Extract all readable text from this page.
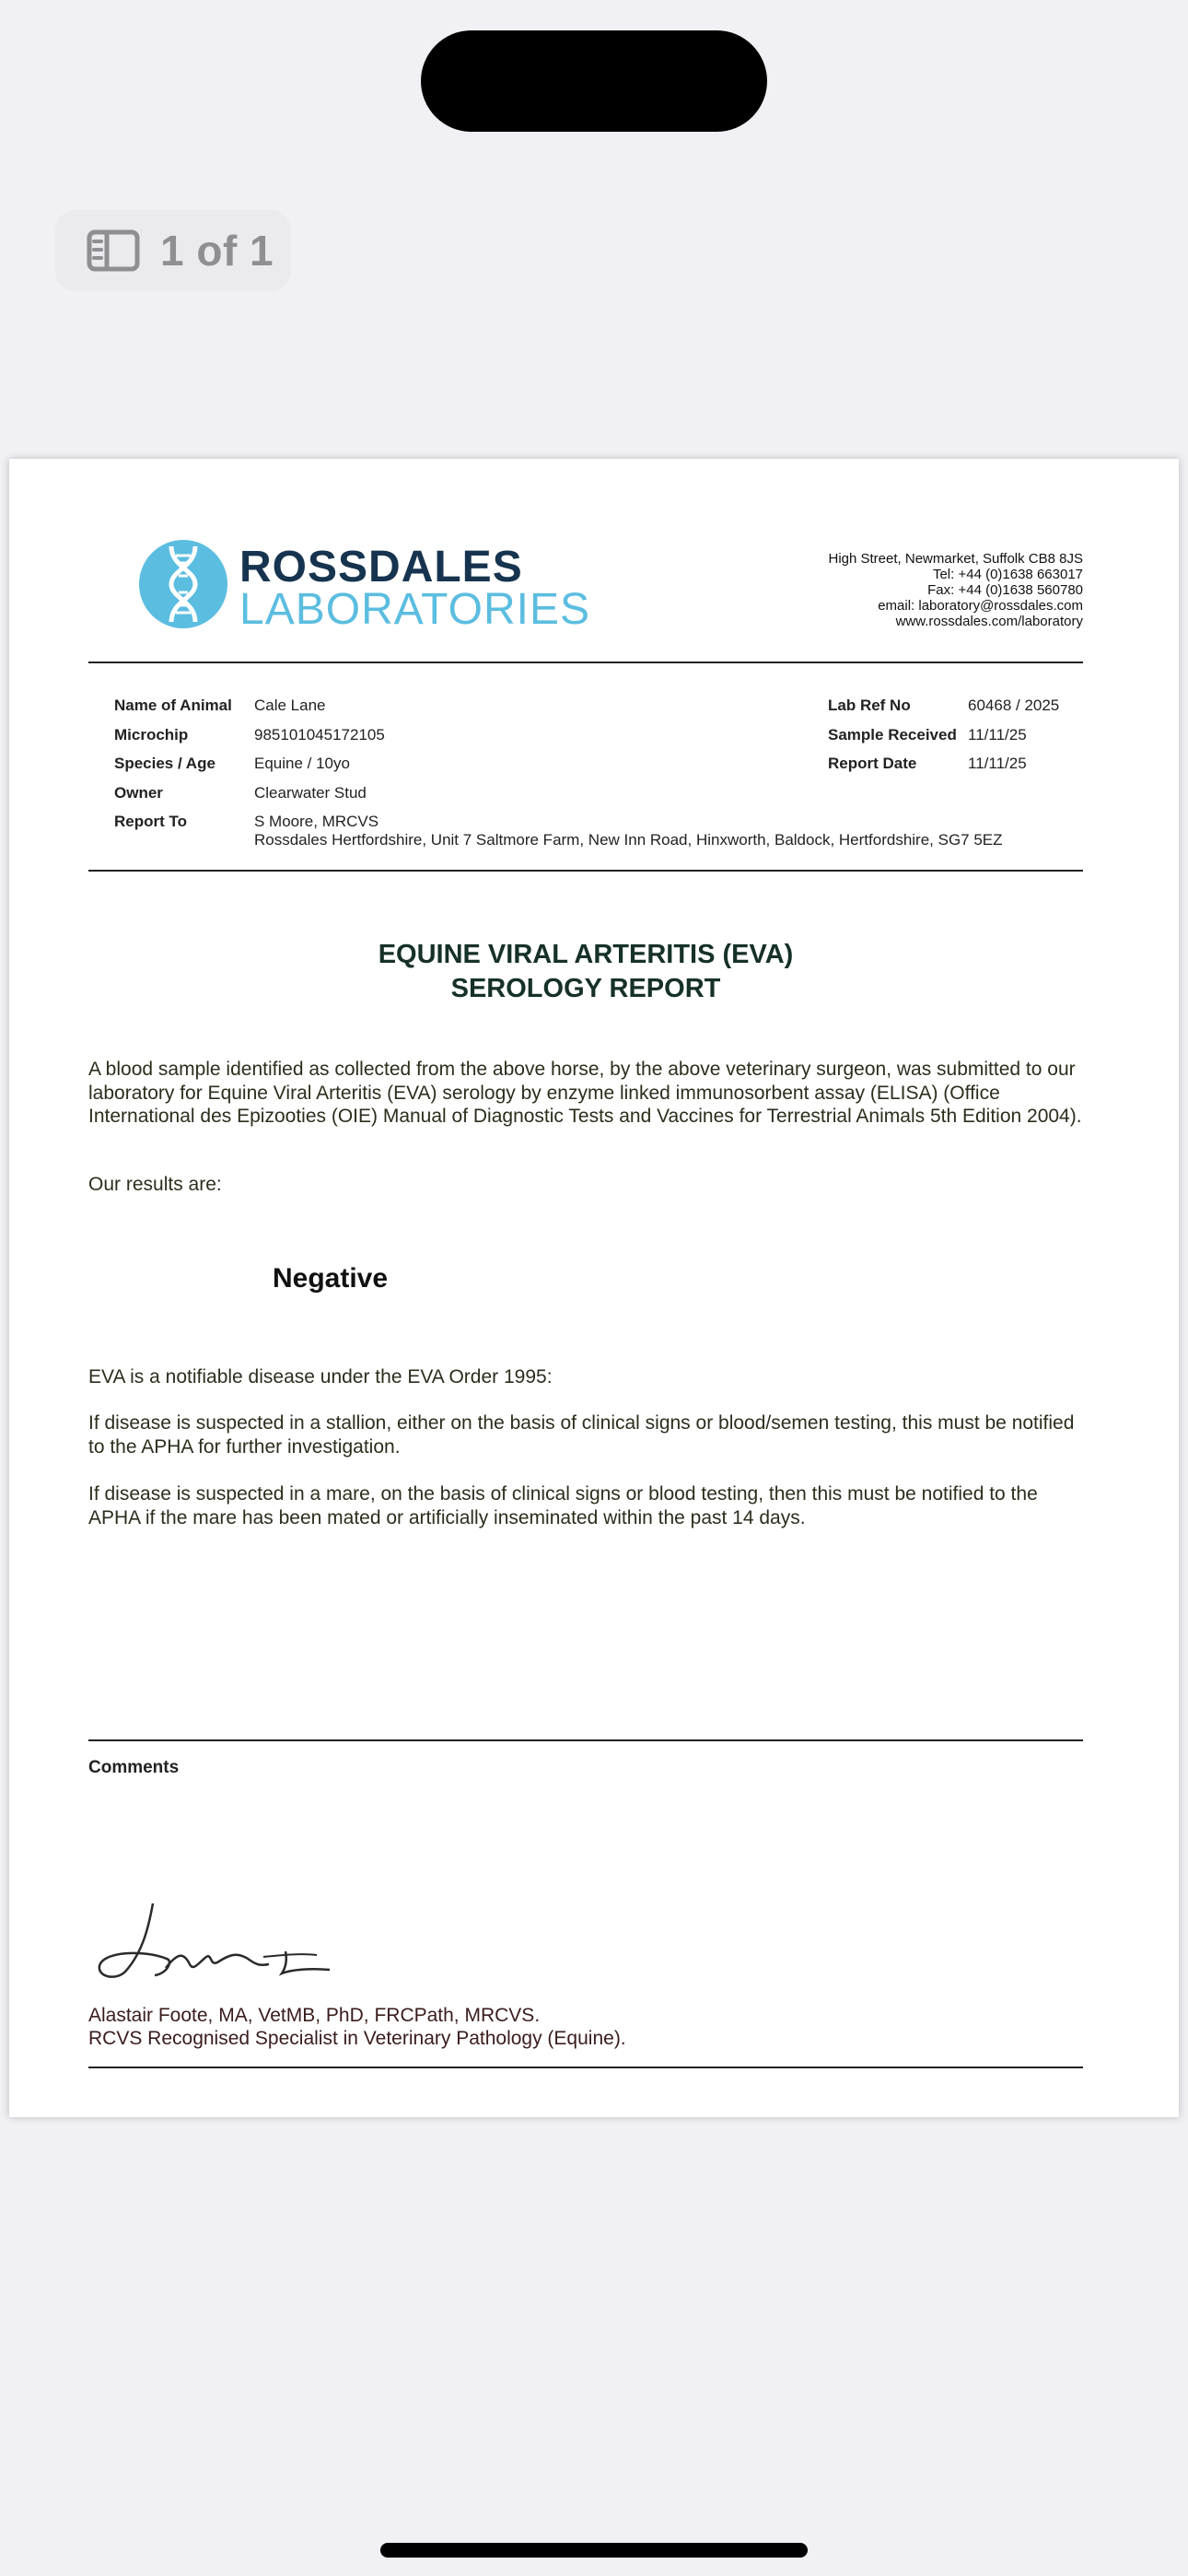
1 of 1
ROSSDALES
LABORATORIES
High Street, Newmarket, Suffolk CB8 8JS
Tel: +44 (0)1638 663017
Fax: +44 (0)1638 560780
email: laboratory@rossdales.com
www.rossdales.com/laboratory
Name of Animal	Cale Lane
Microchip	985101045172105
Species / Age	Equine / 10yo
Owner	Clearwater Stud
Report To	S Moore, MRCVS
Rossdales Hertfordshire, Unit 7 Saltmore Farm, New Inn Road, Hinxworth, Baldock, Hertfordshire, SG7 5EZ
Lab Ref No	60468 / 2025
Sample Received 11/11/25
Report Date	11/11/25
EQUINE VIRAL ARTERITIS (EVA)
SEROLOGY REPORT
A blood sample identified as collected from the above horse, by the above veterinary surgeon, was submitted to our laboratory for Equine Viral Arteritis (EVA) serology by enzyme linked immunosorbent assay (ELISA) (Office International des Epizooties (OIE) Manual of Diagnostic Tests and Vaccines for Terrestrial Animals 5th Edition 2004).
Our results are:
Negative
EVA is a notifiable disease under the EVA Order 1995:
If disease is suspected in a stallion, either on the basis of clinical signs or blood/semen testing, this must be notified to the APHA for further investigation.
If disease is suspected in a mare, on the basis of clinical signs or blood testing, then this must be notified to the APHA if the mare has been mated or artificially inseminated within the past 14 days.
Comments
Alastair Foote, MA, VetMB, PhD, FRCPath, MRCVS.
RCVS Recognised Specialist in Veterinary Pathology (Equine).
